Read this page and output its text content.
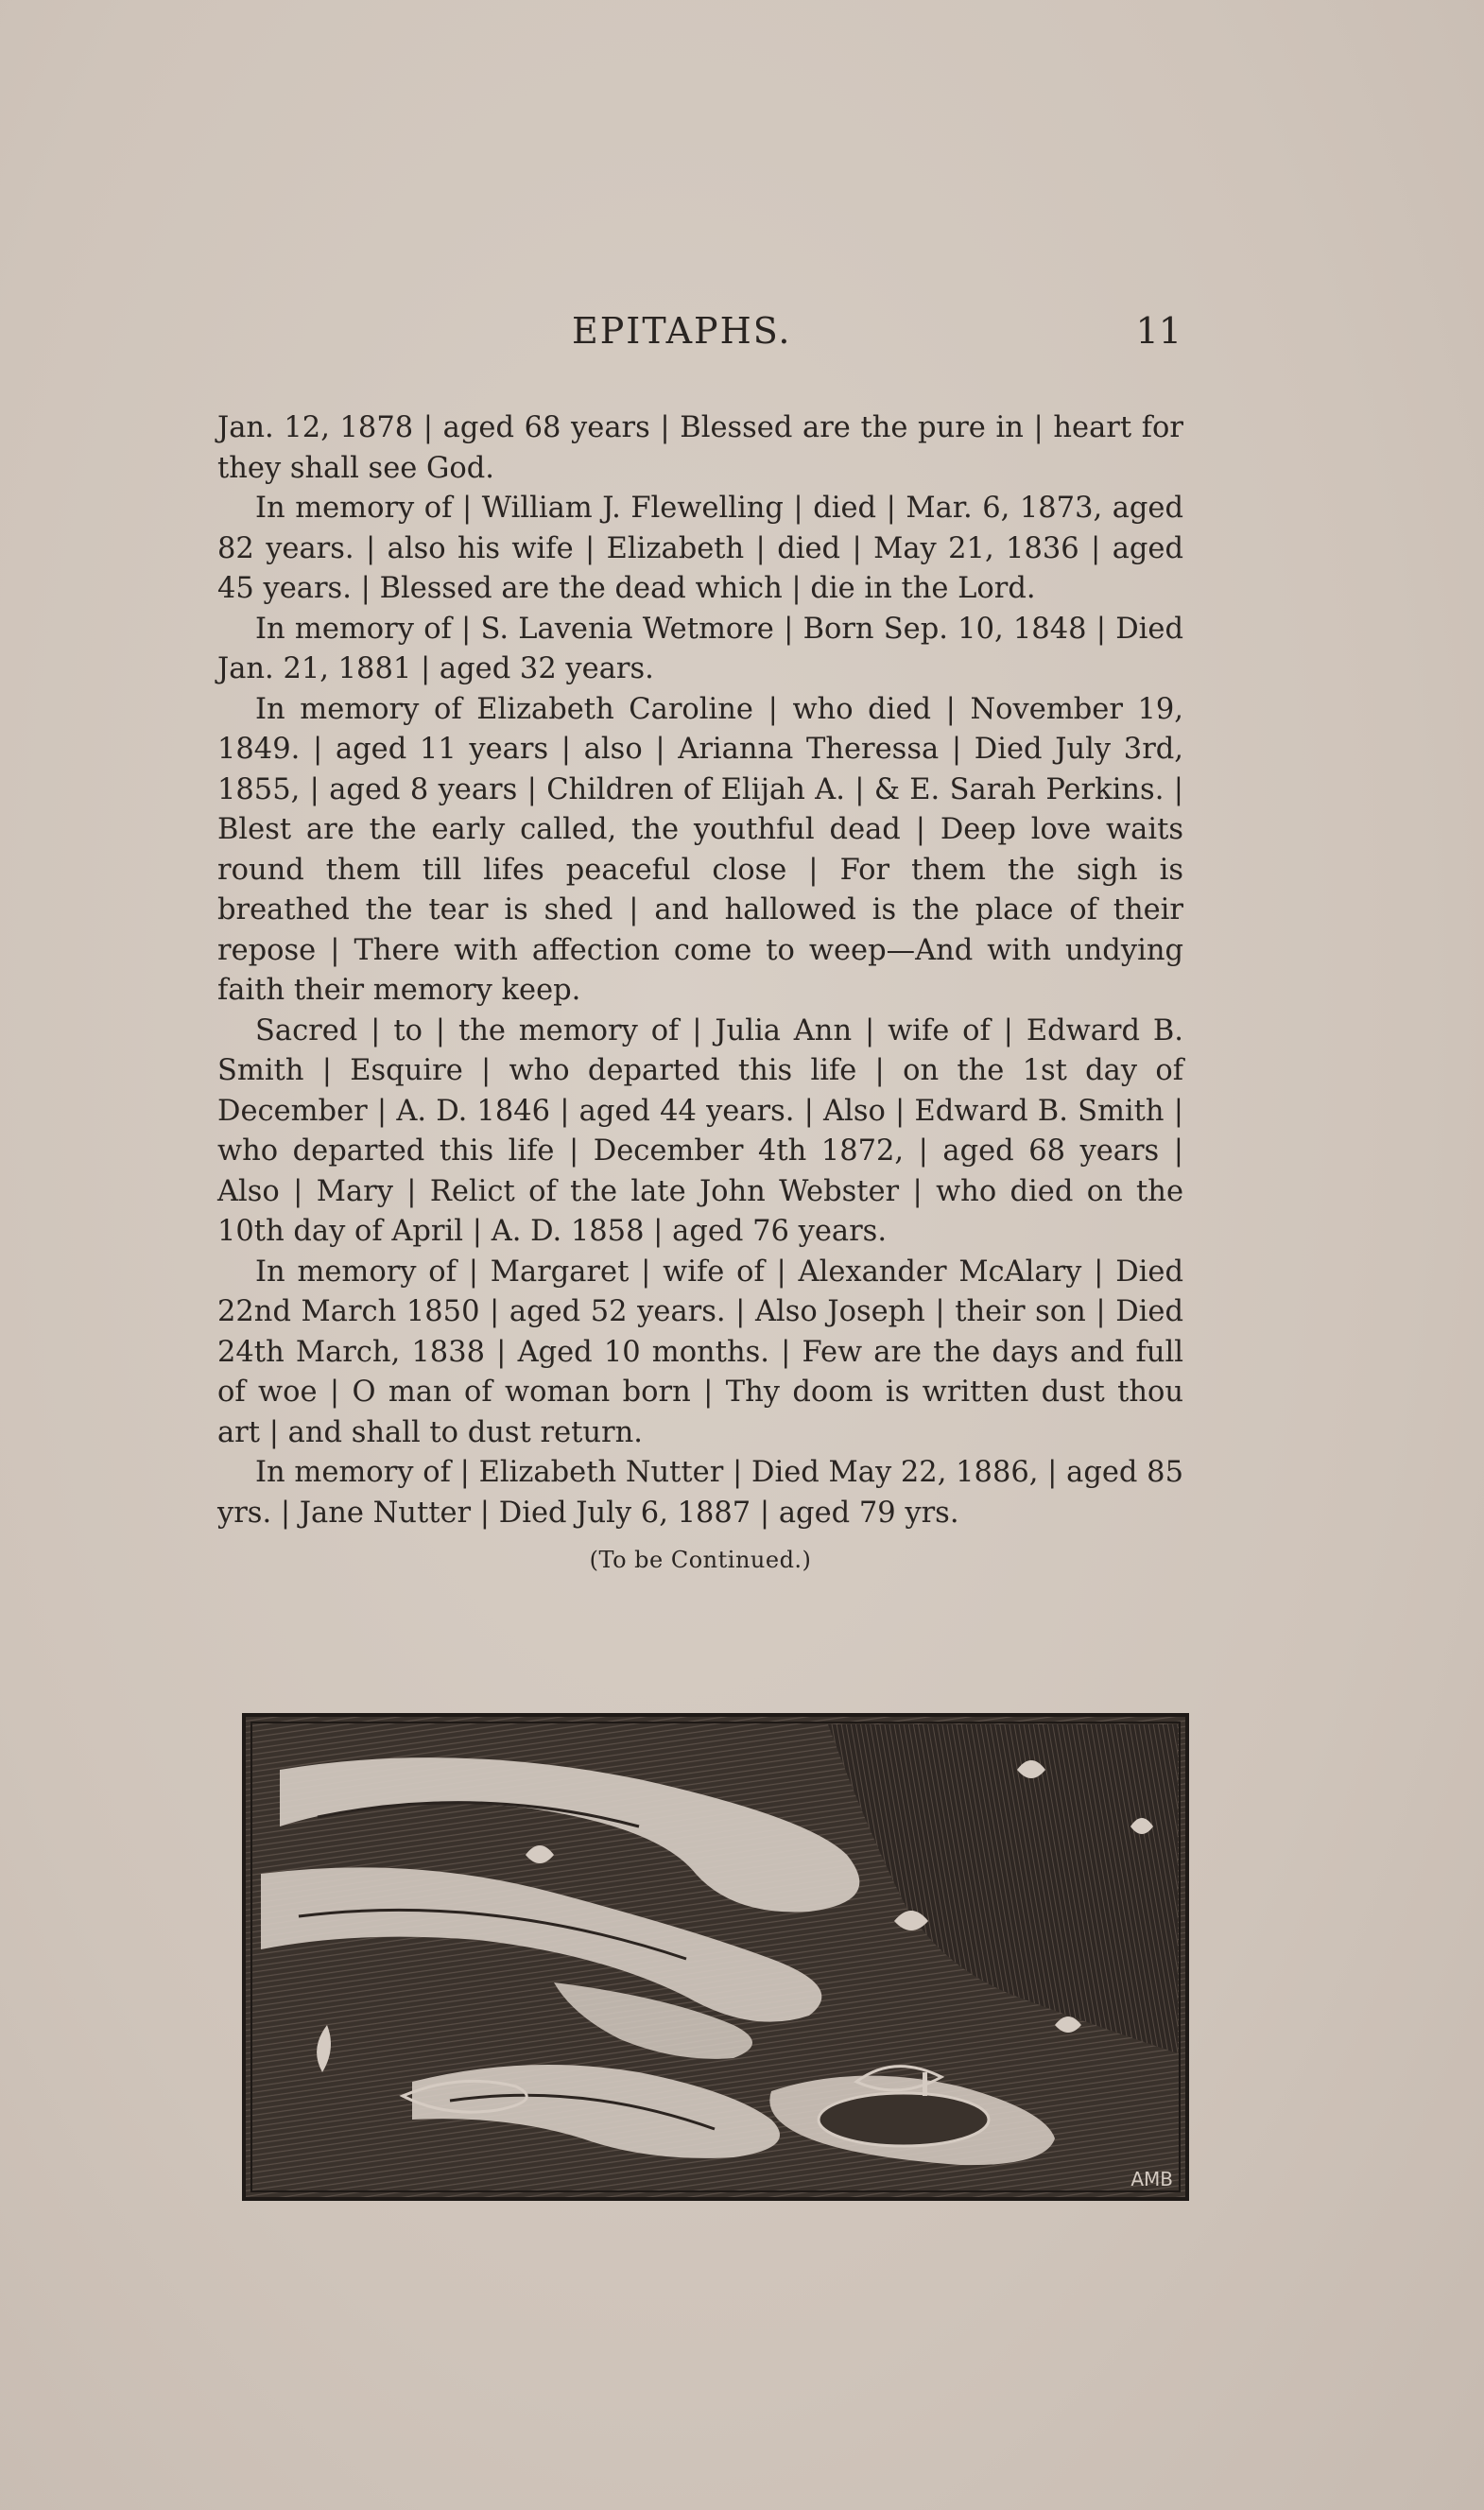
EPITAPHS.	11

Jan. 12, 1878 | aged 68 years | Blessed are the pure in | heart for they shall see God.

In memory of | William J. Flewelling | died | Mar. 6, 1873, aged 82 years. | also his wife | Elizabeth | died | May 21, 1836 | aged 45 years. | Blessed are the dead which | die in the Lord.

In memory of | S. Lavenia Wetmore | Born Sep. 10, 1848 | Died Jan. 21, 1881 | aged 32 years.

In memory of Elizabeth Caroline | who died | November 19, 1849. | aged 11 years | also | Arianna Theressa | Died July 3rd, 1855, | aged 8 years | Children of Elijah A. | & E. Sarah Perkins. | Blest are the early called, the youthful dead | Deep love waits round them till lifes peaceful close | For them the sigh is breathed the tear is shed | and hallowed is the place of their repose | There with affection come to weep—And with undying faith their memory keep.

Sacred | to | the memory of | Julia Ann | wife of | Edward B. Smith | Esquire | who departed this life | on the 1st day of December | A. D. 1846 | aged 44 years. | Also | Edward B. Smith | who departed this life | December 4th 1872, | aged 68 years | Also | Mary | Relict of the late John Webster | who died on the 10th day of April | A. D. 1858 | aged 76 years.

In memory of | Margaret | wife of | Alexander McAlary | Died 22nd March 1850 | aged 52 years. | Also Joseph | their son | Died 24th March, 1838 | Aged 10 months. | Few are the days and full of woe | O man of woman born | Thy doom is written dust thou art | and shall to dust return.

In memory of | Elizabeth Nutter | Died May 22, 1886, | aged 85 yrs. | Jane Nutter | Died July 6, 1887 | aged 79 yrs.

(To be Continued.)
AMB
